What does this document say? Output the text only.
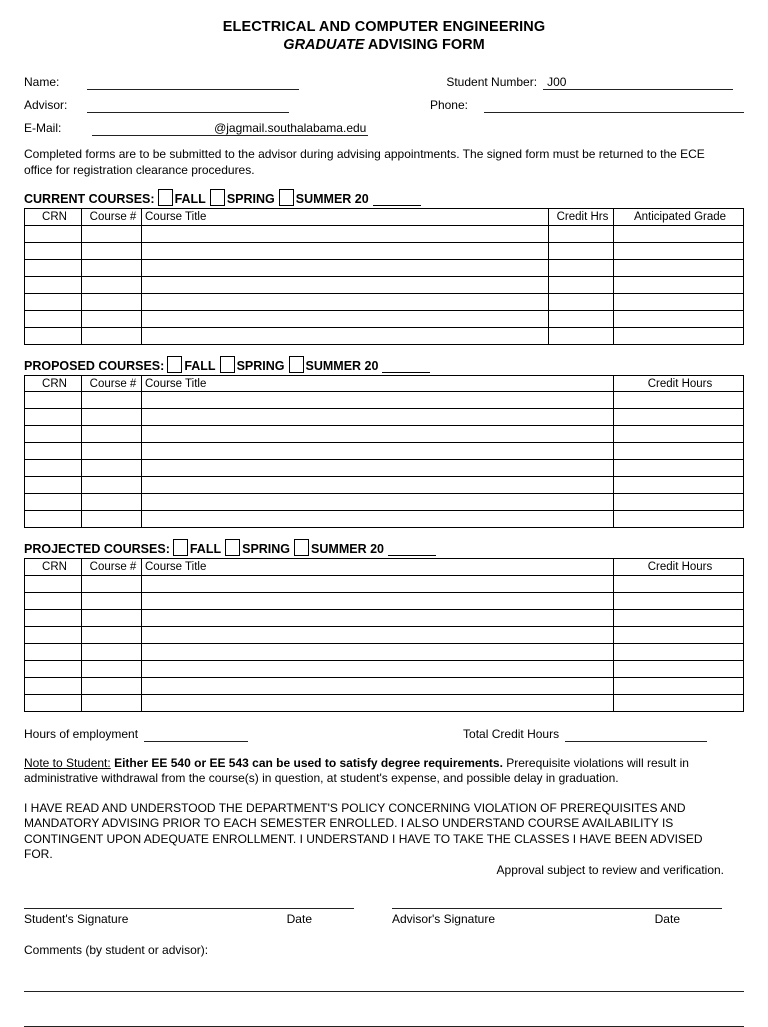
ELECTRICAL AND COMPUTER ENGINEERING
GRADUATE ADVISING FORM
Name:	Student Number: J00
Advisor:	Phone:
E-Mail:	@jagmail.southalabama.edu
Completed forms are to be submitted to the advisor during advising appointments. The signed form must be returned to the ECE office for registration clearance procedures.
CURRENT COURSES: FALL SPRING SUMMER 20
CRN	Course #	Course Title	Credit Hrs	Anticipated Grade

PROPOSED COURSES: FALL SPRING SUMMER 20
CRN	Course #	Course Title	Credit Hours

PROJECTED COURSES: FALL SPRING SUMMER 20
CRN	Course #	Course Title	Credit Hours

Hours of employment	Total Credit Hours
Note to Student: Either EE 540 or EE 543 can be used to satisfy degree requirements. Prerequisite violations will result in administrative withdrawal from the course(s) in question, at student's expense, and possible delay in graduation.
I HAVE READ AND UNDERSTOOD THE DEPARTMENT'S POLICY CONCERNING VIOLATION OF PREREQUISITES AND MANDATORY ADVISING PRIOR TO EACH SEMESTER ENROLLED. I ALSO UNDERSTAND COURSE AVAILABILITY IS CONTINGENT UPON ADEQUATE ENROLLMENT. I UNDERSTAND I HAVE TO TAKE THE CLASSES I HAVE BEEN ADVISED FOR.
Approval subject to review and verification.
Student's Signature	Date	Advisor's Signature	Date
Comments (by student or advisor):
